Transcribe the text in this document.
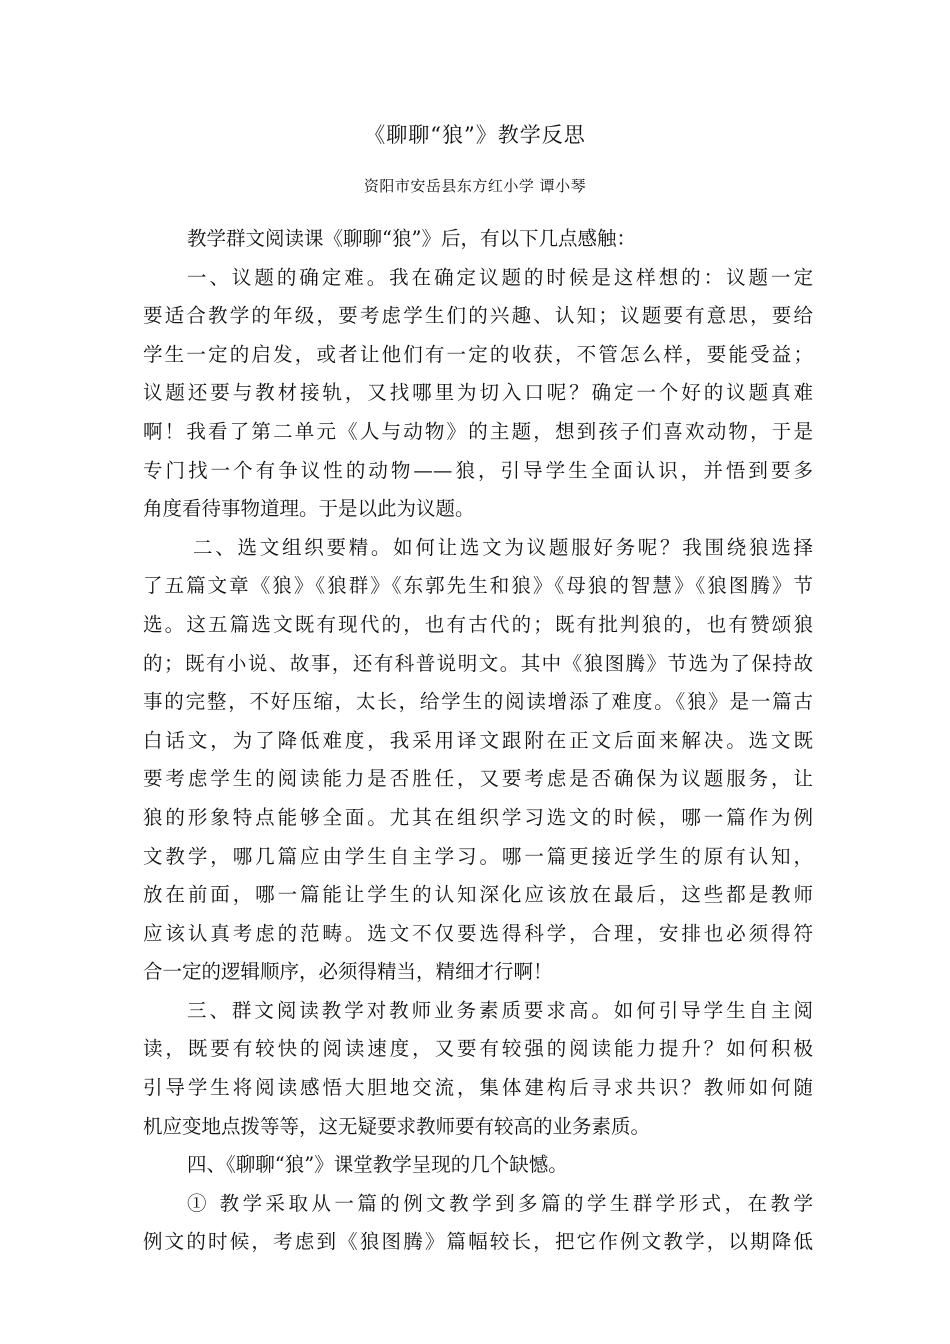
《聊聊“狼”》教学反思
资阳市安岳县东方红小学 谭小琴
教学群文阅读课《聊聊“狼”》后，有以下几点感触：
一、议题的确定难。我在确定议题的时候是这样想的：议题一定
要适合教学的年级，要考虑学生们的兴趣、认知；议题要有意思，要给
学生一定的启发，或者让他们有一定的收获，不管怎么样，要能受益；
议题还要与教材接轨，又找哪里为切入口呢？确定一个好的议题真难
啊！我看了第二单元《人与动物》的主题，想到孩子们喜欢动物，于是
专门找一个有争议性的动物——狼，引导学生全面认识，并悟到要多
角度看待事物道理。于是以此为议题。
二、选文组织要精。如何让选文为议题服好务呢？我围绕狼选择
了五篇文章《狼》《狼群》《东郭先生和狼》《母狼的智慧》《狼图腾》节
选。这五篇选文既有现代的，也有古代的；既有批判狼的，也有赞颂狼
的；既有小说、故事，还有科普说明文。其中《狼图腾》节选为了保持故
事的完整，不好压缩，太长，给学生的阅读增添了难度。《狼》是一篇古
白话文，为了降低难度，我采用译文跟附在正文后面来解决。选文既
要考虑学生的阅读能力是否胜任，又要考虑是否确保为议题服务，让
狼的形象特点能够全面。尤其在组织学习选文的时候，哪一篇作为例
文教学，哪几篇应由学生自主学习。哪一篇更接近学生的原有认知，
放在前面，哪一篇能让学生的认知深化应该放在最后，这些都是教师
应该认真考虑的范畴。选文不仅要选得科学，合理，安排也必须得符
合一定的逻辑顺序，必须得精当，精细才行啊！
三、群文阅读教学对教师业务素质要求高。如何引导学生自主阅
读，既要有较快的阅读速度，又要有较强的阅读能力提升？如何积极
引导学生将阅读感悟大胆地交流，集体建构后寻求共识？教师如何随
机应变地点拨等等，这无疑要求教师要有较高的业务素质。
四、《聊聊“狼”》课堂教学呈现的几个缺憾。
① 教学采取从一篇的例文教学到多篇的学生群学形式，在教学
例文的时候，考虑到《狼图腾》篇幅较长，把它作例文教学，以期降低
